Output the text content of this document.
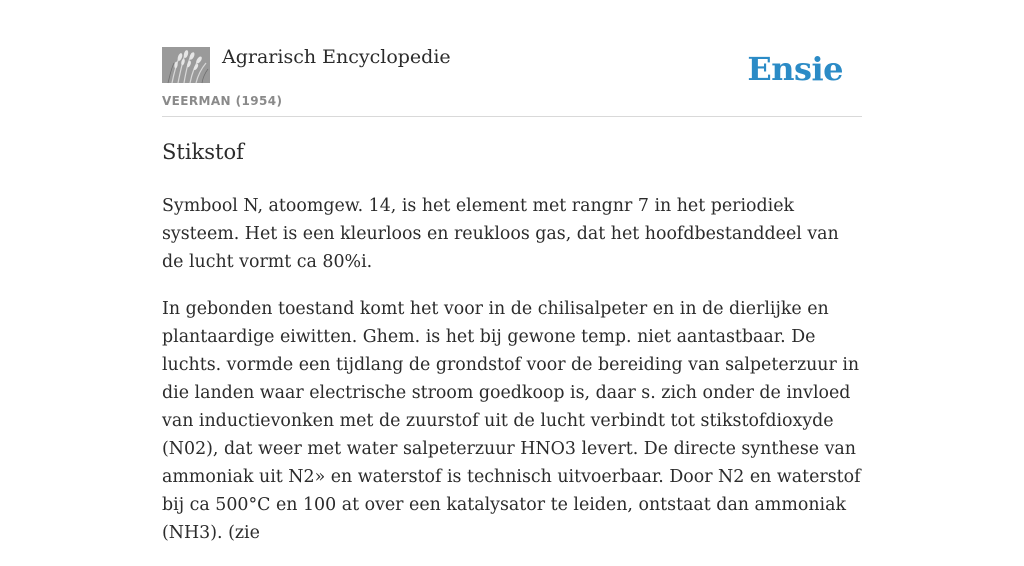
Agrarisch Encyclopedie
VEERMAN (1954)
Ensie
Stikstof

Symbool N, atoomgew. 14, is het element met rangnr 7 in het periodiek systeem. Het is een kleurloos en reukloos gas, dat het hoofdbestanddeel van de lucht vormt ca 80%i.

In gebonden toestand komt het voor in de chilisalpeter en in de dierlijke en plantaardige eiwitten. Ghem. is het bij gewone temp. niet aantastbaar. De luchts. vormde een tijdlang de grondstof voor de bereiding van salpeterzuur in die landen waar electrische stroom goedkoop is, daar s. zich onder de invloed van inductievonken met de zuurstof uit de lucht verbindt tot stikstofdioxyde (N02), dat weer met water salpeterzuur HNO3 levert. De directe synthese van ammoniak uit N2» en waterstof is technisch uitvoerbaar. Door N2 en waterstof bij ca 500°C en 100 at over een katalysator te leiden, ontstaat dan ammoniak (NH3). (zie
